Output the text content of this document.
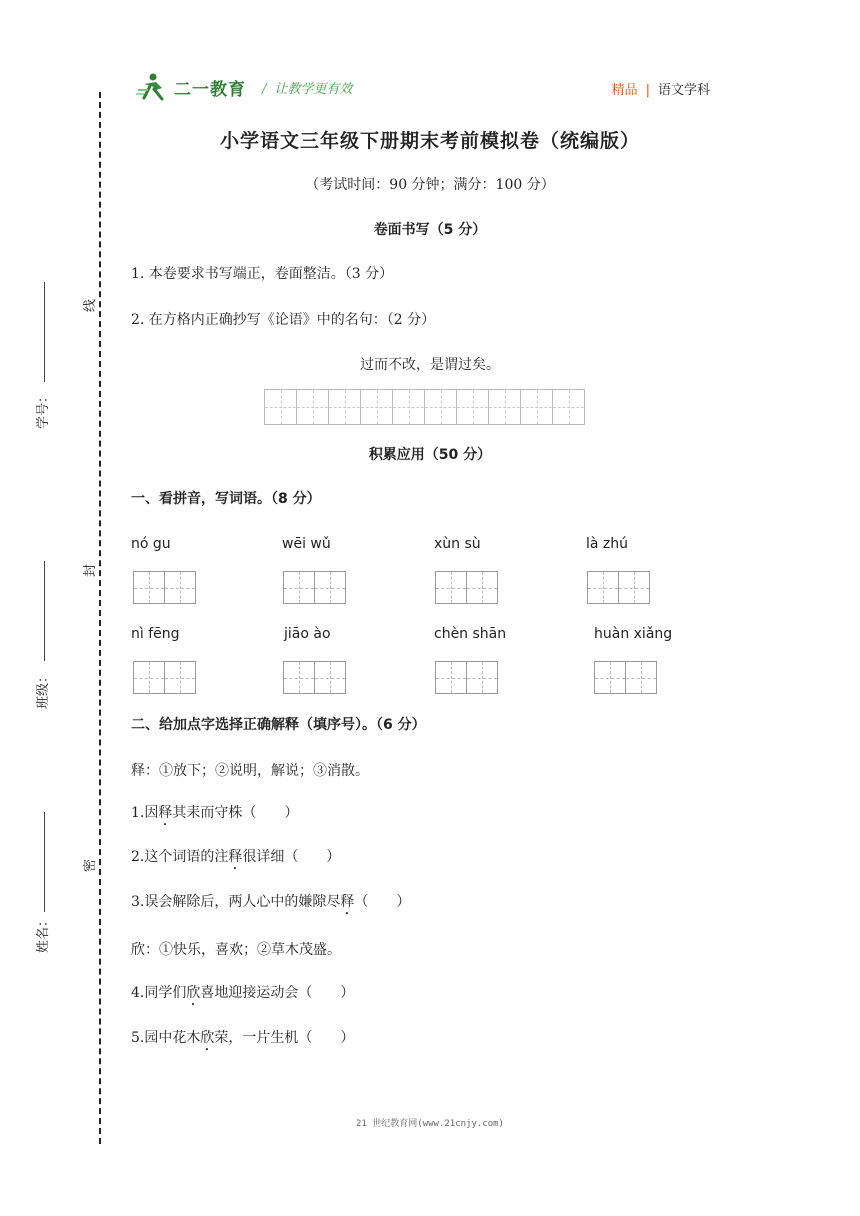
线
封
密
学号：
班级：
姓名：
二一教育 / 让教学更有效	精品 | 语文学科
小学语文三年级下册期末考前模拟卷（统编版）
（考试时间：90 分钟；满分：100 分）
卷面书写（5 分）
1. 本卷要求书写端正，卷面整洁。（3 分）
2. 在方格内正确抄写《论语》中的名句：（2 分）
过而不改，是谓过矣。
积累应用（50 分）
一、看拼音，写词语。（8 分）
nó gu	wēi wǔ	xùn sù	là zhú
nì fēng	jiāo ào	chèn shān	huàn xiǎng
二、给加点字选择正确解释（填序号）。（6 分）
释：①放下；②说明，解说；③消散。
1.因释其耒而守株（　　）
2.这个词语的注释很详细（　　）
3.误会解除后，两人心中的嫌隙尽释（　　）
欣：①快乐，喜欢；②草木茂盛。
4.同学们欣喜地迎接运动会（　　）
5.园中花木欣荣，一片生机（　　）
21 世纪教育网(www.21cnjy.com)
